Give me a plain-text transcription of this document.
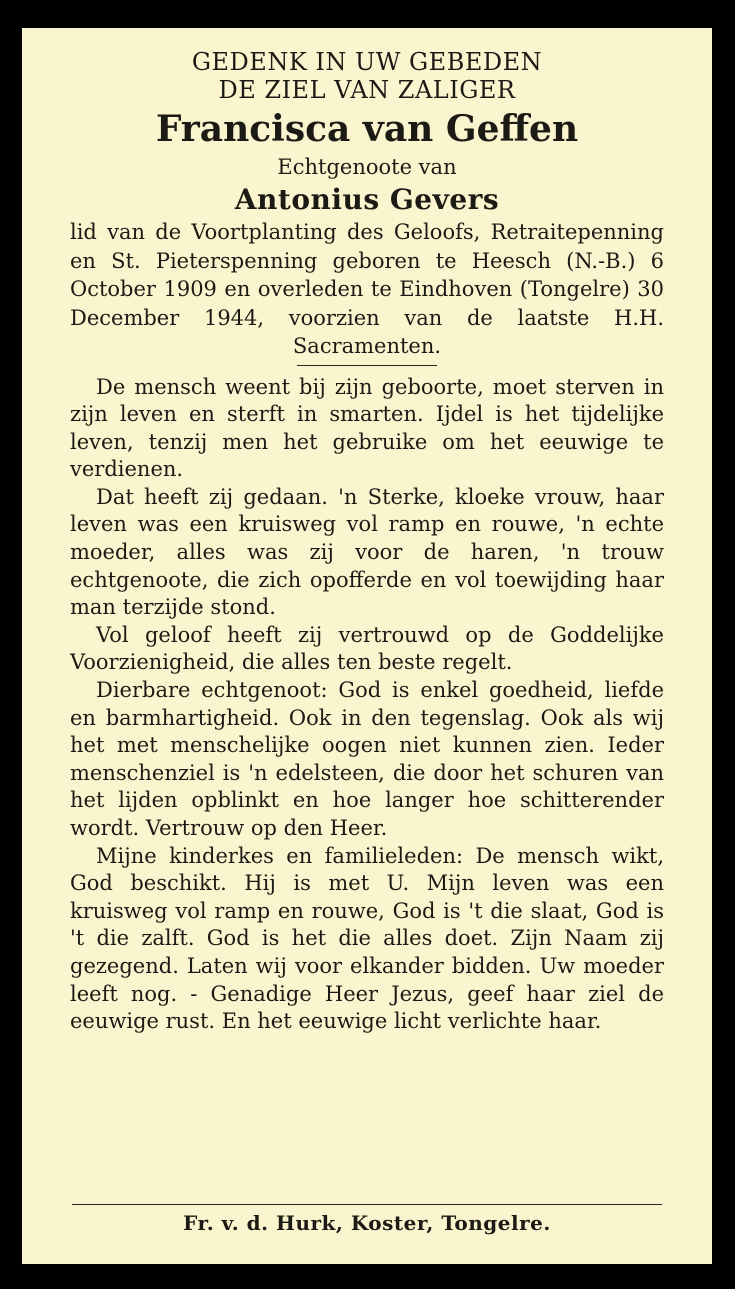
GEDENK IN UW GEBEDEN

DE ZIEL VAN ZALIGER

Francisca van Geffen

Echtgenoote van

Antonius Gevers

lid van de Voortplanting des Geloofs, Retraitepenning en St. Pieterspenning geboren te Heesch (N.-B.) 6 October 1909 en overleden te Eindhoven (Tongelre) 30 December 1944, voorzien van de laatste H.H. Sacramenten.

De mensch weent bij zijn geboorte, moet sterven in zijn leven en sterft in smarten. Ijdel is het tijdelijke leven, tenzij men het gebruike om het eeuwige te verdienen.

Dat heeft zij gedaan. 'n Sterke, kloeke vrouw, haar leven was een kruisweg vol ramp en rouwe, 'n echte moeder, alles was zij voor de haren, 'n trouw echtgenoote, die zich opofferde en vol toewijding haar man terzijde stond.

Vol geloof heeft zij vertrouwd op de Goddelijke Voorzienigheid, die alles ten beste regelt.

Dierbare echtgenoot: God is enkel goedheid, liefde en barmhartigheid. Ook in den tegenslag. Ook als wij het met menschelijke oogen niet kunnen zien. Ieder menschenziel is 'n edelsteen, die door het schuren van het lijden opblinkt en hoe langer hoe schitterender wordt. Vertrouw op den Heer.

Mijne kinderkes en familieleden: De mensch wikt, God beschikt. Hij is met U. Mijn leven was een kruisweg vol ramp en rouwe, God is 't die slaat, God is 't die zalft. God is het die alles doet. Zijn Naam zij gezegend. Laten wij voor elkander bidden. Uw moeder leeft nog. - Genadige Heer Jezus, geef haar ziel de eeuwige rust. En het eeuwige licht verlichte haar.

Fr. v. d. Hurk, Koster, Tongelre.
